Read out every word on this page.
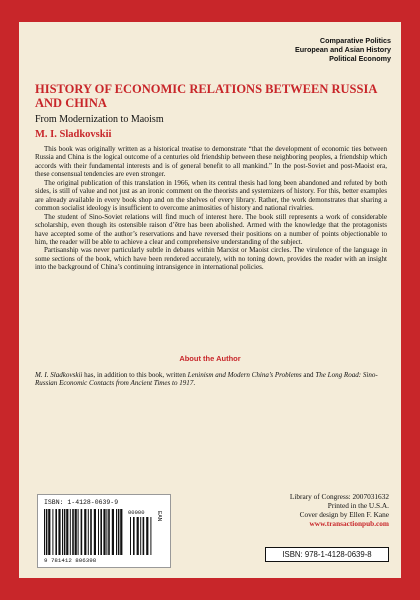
Comparative Politics
European and Asian History
Political Economy
HISTORY OF ECONOMIC RELATIONS BETWEEN RUSSIA AND CHINA
From Modernization to Maoism
M. I. Sladkovskii

This book was originally written as a historical treatise to demonstrate “that the development of economic ties between Russia and China is the logical outcome of a centuries old friendship between these neighboring peoples, a friendship which accords with their fundamental interests and is of general benefit to all mankind.” In the post-Soviet and post-Maoist era, these consensual tendencies are even stronger.

The original publication of this translation in 1966, when its central thesis had long been abandoned and refuted by both sides, is still of value and not just as an ironic comment on the theorists and systemizers of history. For this, better examples are already available in every book shop and on the shelves of every library. Rather, the work demonstrates that sharing a common socialist ideology is insufficient to overcome animosities of history and national rivalries.

The student of Sino-Soviet relations will find much of interest here. The book still represents a work of considerable scholarship, even though its ostensible raison d’être has been abolished. Armed with the knowledge that the protagonists have accepted some of the author’s reservations and have reversed their positions on a number of points objectionable to him, the reader will be able to achieve a clear and comprehensive understanding of the subject.

Partisanship was never particularly subtle in debates within Marxist or Maoist circles. The virulence of the language in some sections of the book, which have been rendered accurately, with no toning down, provides the reader with an insight into the background of China’s continuing intransigence in international policies.

About the Author
M. I. Sladkovskii has, in addition to this book, written Leninism and Modern China’s Problems and The Long Road: Sino-Russian Economic Contacts from Ancient Times to 1917.
ISBN: 1-4128-0639-9
00000 EAN
9 781412 806398
Library of Congress: 2007031632
Printed in the U.S.A.
Cover design by Ellen F. Kane
www.transactionpub.com
ISBN: 978-1-4128-0639-8
